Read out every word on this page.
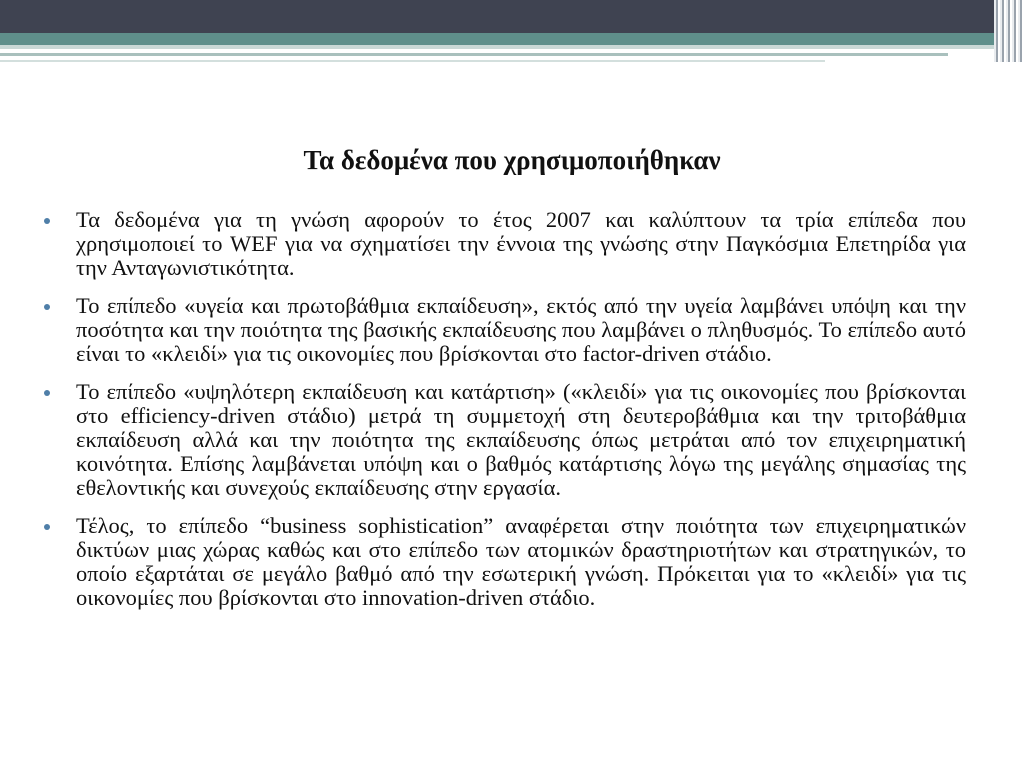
Τα δεδομένα που χρησιμοποιήθηκαν
Τα δεδομένα για τη γνώση αφορούν το έτος 2007 και καλύπτουν τα τρία επίπεδα που χρησιμοποιεί το WEF για να σχηματίσει την έννοια της γνώσης στην Παγκόσμια Επετηρίδα για την Ανταγωνιστικότητα.
Το επίπεδο «υγεία και πρωτοβάθμια εκπαίδευση», εκτός από την υγεία λαμβάνει υπόψη και την ποσότητα και την ποιότητα της βασικής εκπαίδευσης που λαμβάνει ο πληθυσμός. Το επίπεδο αυτό είναι το «κλειδί» για τις οικονομίες που βρίσκονται στο factor-driven στάδιο.
Το επίπεδο «υψηλότερη εκπαίδευση και κατάρτιση» («κλειδί» για τις οικονομίες που βρίσκονται στο efficiency-driven στάδιο) μετρά τη συμμετοχή στη δευτεροβάθμια και την τριτοβάθμια εκπαίδευση αλλά και την ποιότητα της εκπαίδευσης όπως μετράται από τον επιχειρηματική κοινότητα. Επίσης λαμβάνεται υπόψη και ο βαθμός κατάρτισης λόγω της μεγάλης σημασίας της εθελοντικής και συνεχούς εκπαίδευσης στην εργασία.
Τέλος, το επίπεδο “business sophistication” αναφέρεται στην ποιότητα των επιχειρηματικών δικτύων μιας χώρας καθώς και στο επίπεδο των ατομικών δραστηριοτήτων και στρατηγικών, το οποίο εξαρτάται σε μεγάλο βαθμό από την εσωτερική γνώση. Πρόκειται για το «κλειδί» για τις οικονομίες που βρίσκονται στο innovation-driven στάδιο.
